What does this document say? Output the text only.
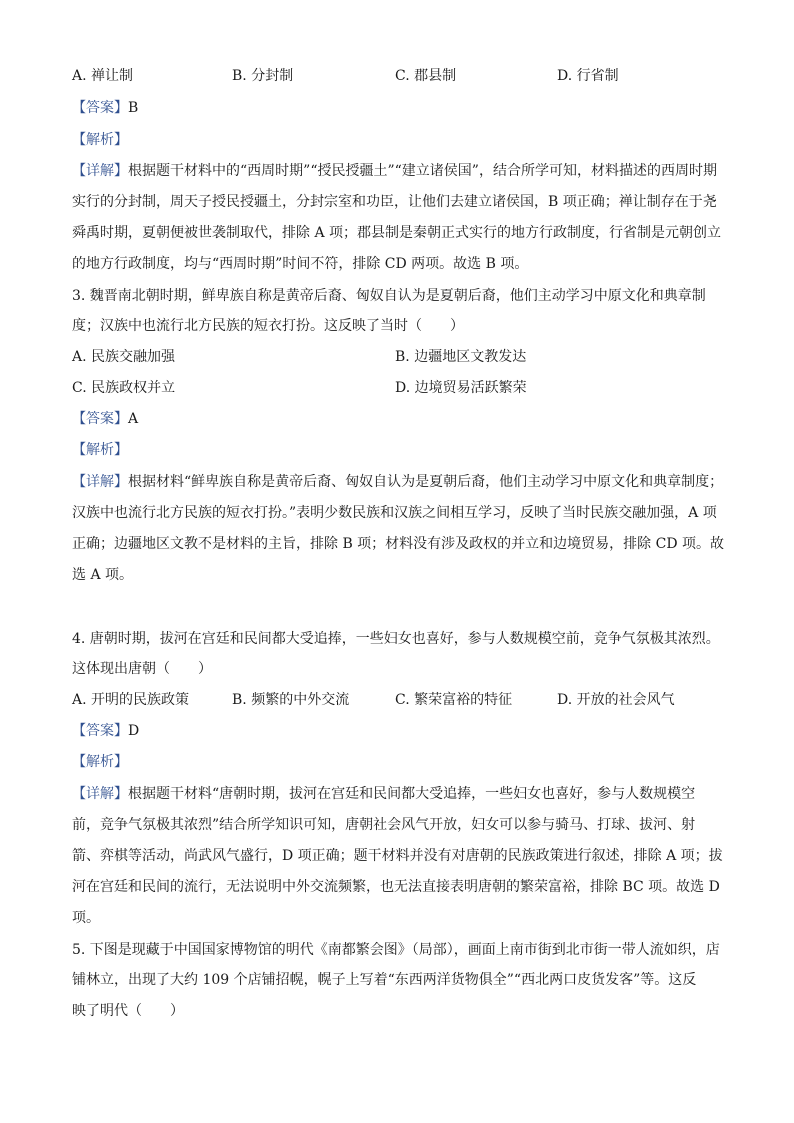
A. 禅让制	B. 分封制	C. 郡县制	D. 行省制
【答案】B
【解析】
【详解】根据题干材料中的“西周时期”“授民授疆土”“建立诸侯国”，结合所学可知，材料描述的西周时期
实行的分封制，周天子授民授疆土，分封宗室和功臣，让他们去建立诸侯国，B 项正确；禅让制存在于尧
舜禹时期，夏朝便被世袭制取代，排除 A 项；郡县制是秦朝正式实行的地方行政制度，行省制是元朝创立
的地方行政制度，均与“西周时期”时间不符，排除 CD 两项。故选 B 项。
3. 魏晋南北朝时期，鲜卑族自称是黄帝后裔、匈奴自认为是夏朝后裔，他们主动学习中原文化和典章制
度；汉族中也流行北方民族的短衣打扮。这反映了当时（　　）
A. 民族交融加强	B. 边疆地区文教发达
C. 民族政权并立	D. 边境贸易活跃繁荣
【答案】A
【解析】
【详解】根据材料“鲜卑族自称是黄帝后裔、匈奴自认为是夏朝后裔，他们主动学习中原文化和典章制度；
汉族中也流行北方民族的短衣打扮。”表明少数民族和汉族之间相互学习，反映了当时民族交融加强，A 项
正确；边疆地区文教不是材料的主旨，排除 B 项；材料没有涉及政权的并立和边境贸易，排除 CD 项。故
选 A 项。
4. 唐朝时期，拔河在宫廷和民间都大受追捧，一些妇女也喜好，参与人数规模空前，竞争气氛极其浓烈。
这体现出唐朝（　　）
A. 开明的民族政策	B. 频繁的中外交流	C. 繁荣富裕的特征	D. 开放的社会风气
【答案】D
【解析】
【详解】根据题干材料“唐朝时期，拔河在宫廷和民间都大受追捧，一些妇女也喜好，参与人数规模空
前，竞争气氛极其浓烈”结合所学知识可知，唐朝社会风气开放，妇女可以参与骑马、打球、拔河、射
箭、弈棋等活动，尚武风气盛行，D 项正确；题干材料并没有对唐朝的民族政策进行叙述，排除 A 项；拔
河在宫廷和民间的流行，无法说明中外交流频繁，也无法直接表明唐朝的繁荣富裕，排除 BC 项。故选 D
项。
5. 下图是现藏于中国国家博物馆的明代《南都繁会图》（局部），画面上南市街到北市街一带人流如织，店
铺林立，出现了大约 109 个店铺招幌，幌子上写着“东西两洋货物俱全”“西北两口皮货发客”等。这反
映了明代（　　）
